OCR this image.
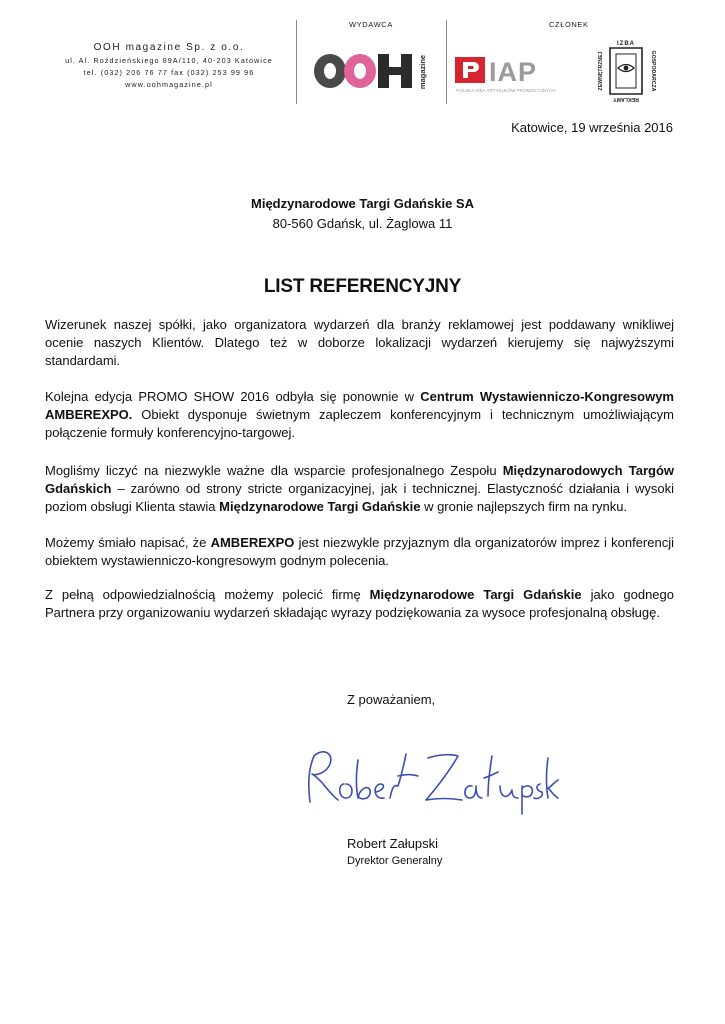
OOH magazine Sp. z o.o.
ul. Al. Roździeńskiego 89A/110, 40-203 Katowice
tel. (032) 206 76 77 fax (032) 253 99 96
www.oohmagazine.pl
WYDAWCA	CZŁONEK
magazine IAP
POLSKA IZBA ARTYKUŁÓW PROMOCYJNYCH
IZBA
GOSPODARCZA
REKLAMY
ZEWNĘTRZNEJ
Katowice, 19 września 2016
Międzynarodowe Targi Gdańskie SA
80-560 Gdańsk, ul. Żaglowa 11
LIST REFERENCYJNY
Wizerunek naszej spółki, jako organizatora wydarzeń dla branży reklamowej jest poddawany wnikliwej ocenie naszych Klientów. Dlatego też w doborze lokalizacji wydarzeń kierujemy się najwyższymi standardami.
Kolejna edycja PROMO SHOW 2016 odbyła się ponownie w Centrum Wystawienniczo-Kongresowym AMBEREXPO. Obiekt dysponuje świetnym zapleczem konferencyjnym i technicznym umożliwiającym połączenie formuły konferencyjno-targowej.
Mogliśmy liczyć na niezwykle ważne dla wsparcie profesjonalnego Zespołu Międzynarodowych Targów Gdańskich – zarówno od strony stricte organizacyjnej, jak i technicznej. Elastyczność działania i wysoki poziom obsługi Klienta stawia Międzynarodowe Targi Gdańskie w gronie najlepszych firm na rynku.
Możemy śmiało napisać, że AMBEREXPO jest niezwykle przyjaznym dla organizatorów imprez i konferencji obiektem wystawienniczo-kongresowym godnym polecenia.
Z pełną odpowiedzialnością możemy polecić firmę Międzynarodowe Targi Gdańskie jako godnego Partnera przy organizowaniu wydarzeń składając wyrazy podziękowania za wysoce profesjonalną obsługę.
Z poważaniem,
Robert Załupski
Dyrektor Generalny
